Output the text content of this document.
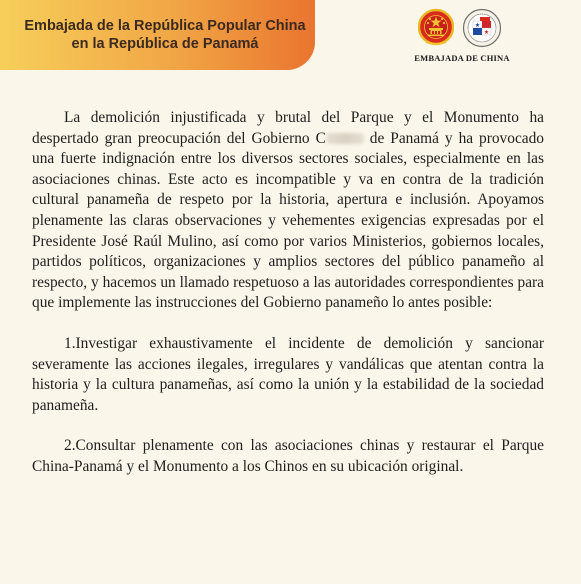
Embajada de la República Popular China
en la República de Panamá
EMBAJADA DE CHINA

La demolición injustificada y brutal del Parque y el Monumento ha despertado gran preocupación del Gobierno C de Panamá y ha provocado una fuerte indignación entre los diversos sectores sociales, especialmente en las asociaciones chinas. Este acto es incompatible y va en contra de la tradición cultural panameña de respeto por la historia, apertura e inclusión. Apoyamos plenamente las claras observaciones y vehementes exigencias expresadas por el Presidente José Raúl Mulino, así como por varios Ministerios, gobiernos locales, partidos políticos, organizaciones y amplios sectores del público panameño al respecto, y hacemos un llamado respetuoso a las autoridades correspondientes para que implemente las instrucciones del Gobierno panameño lo antes posible:

1.Investigar exhaustivamente el incidente de demolición y sancionar severamente las acciones ilegales, irregulares y vandálicas que atentan contra la historia y la cultura panameñas, así como la unión y la estabilidad de la sociedad panameña.

2.Consultar plenamente con las asociaciones chinas y restaurar el Parque China-Panamá y el Monumento a los Chinos en su ubicación original.
